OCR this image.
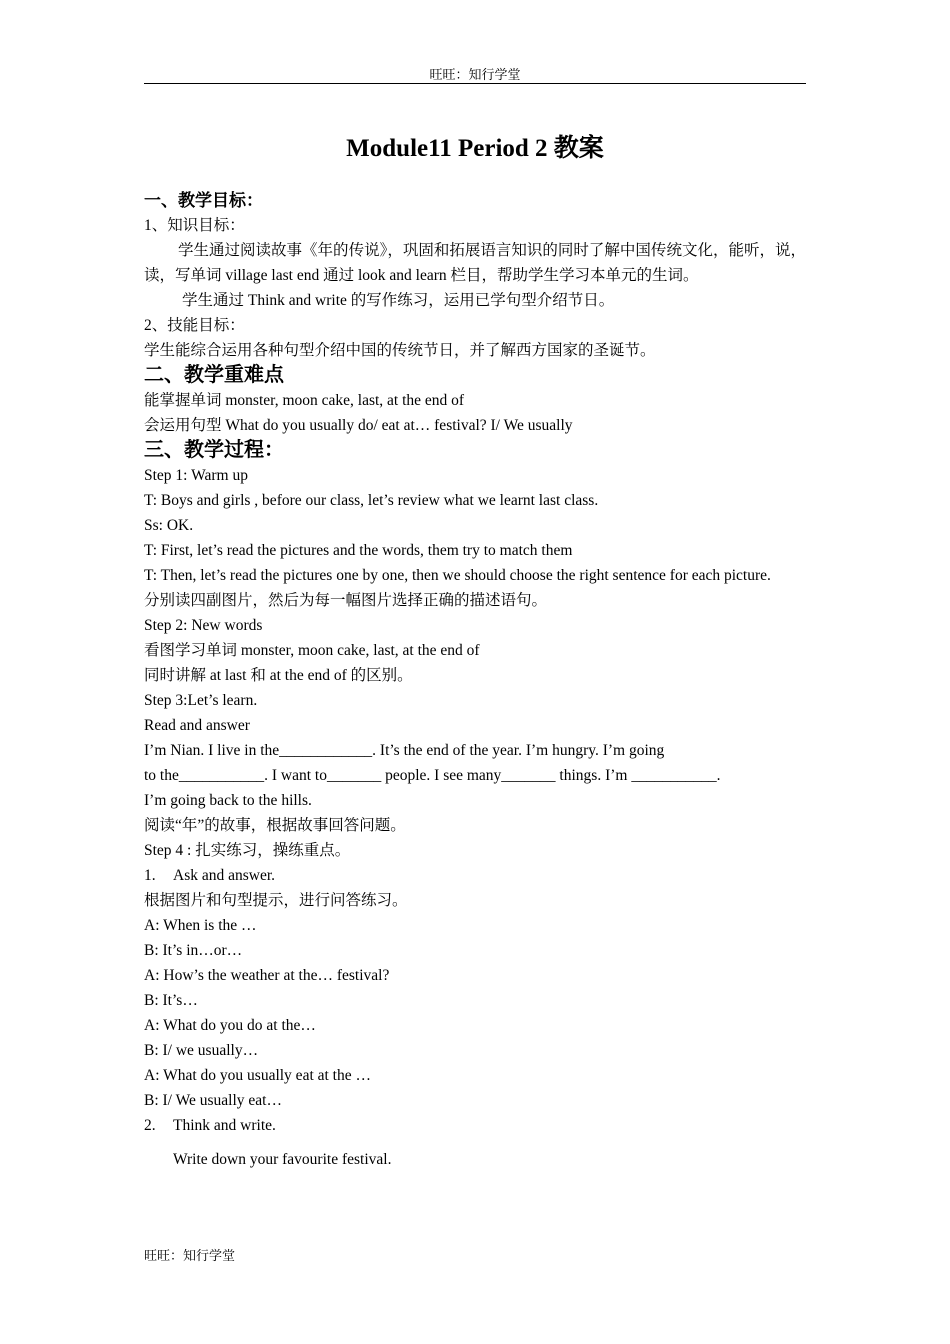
旺旺：知行学堂
Module11 Period 2 教案
一、教学目标：
1、知识目标：
学生通过阅读故事《年的传说》，巩固和拓展语言知识的同时了解中国传统文化，能听，说，读，写单词 village last end 通过 look and learn 栏目，帮助学生学习本单元的生词。
学生通过 Think and write 的写作练习，运用已学句型介绍节日。
2、技能目标：
学生能综合运用各种句型介绍中国的传统节日，并了解西方国家的圣诞节。
二、教学重难点
能掌握单词 monster, moon cake, last, at the end of
会运用句型 What do you usually do/ eat at… festival? I/ We usually
三、教学过程：
Step 1: Warm up
T: Boys and girls , before our class, let’s review what we learnt last class.
Ss: OK.
T: First, let’s read the pictures and the words, them try to match them
T: Then, let’s read the pictures one by one, then we should choose the right sentence for each picture.
分别读四副图片，然后为每一幅图片选择正确的描述语句。
Step 2: New words
看图学习单词 monster, moon cake, last, at the end of
同时讲解 at last 和 at the end of 的区别。
Step 3:Let’s learn.
Read and answer
I’m Nian. I live in the____________. It’s the end of the year. I’m hungry. I’m going
to the___________. I want to_______ people. I see many_______ things. I’m ___________.
I’m going back to the hills.
阅读“年”的故事，根据故事回答问题。
Step 4 : 扎实练习，操练重点。
1. Ask and answer.
根据图片和句型提示，进行问答练习。
A: When is the …
B: It’s in…or…
A: How’s the weather at the… festival?
B: It’s…
A: What do you do at the…
B: I/ we usually…
A: What do you usually eat at the …
B: I/ We usually eat…
2. Think and write.
Write down your favourite festival.
旺旺：知行学堂
